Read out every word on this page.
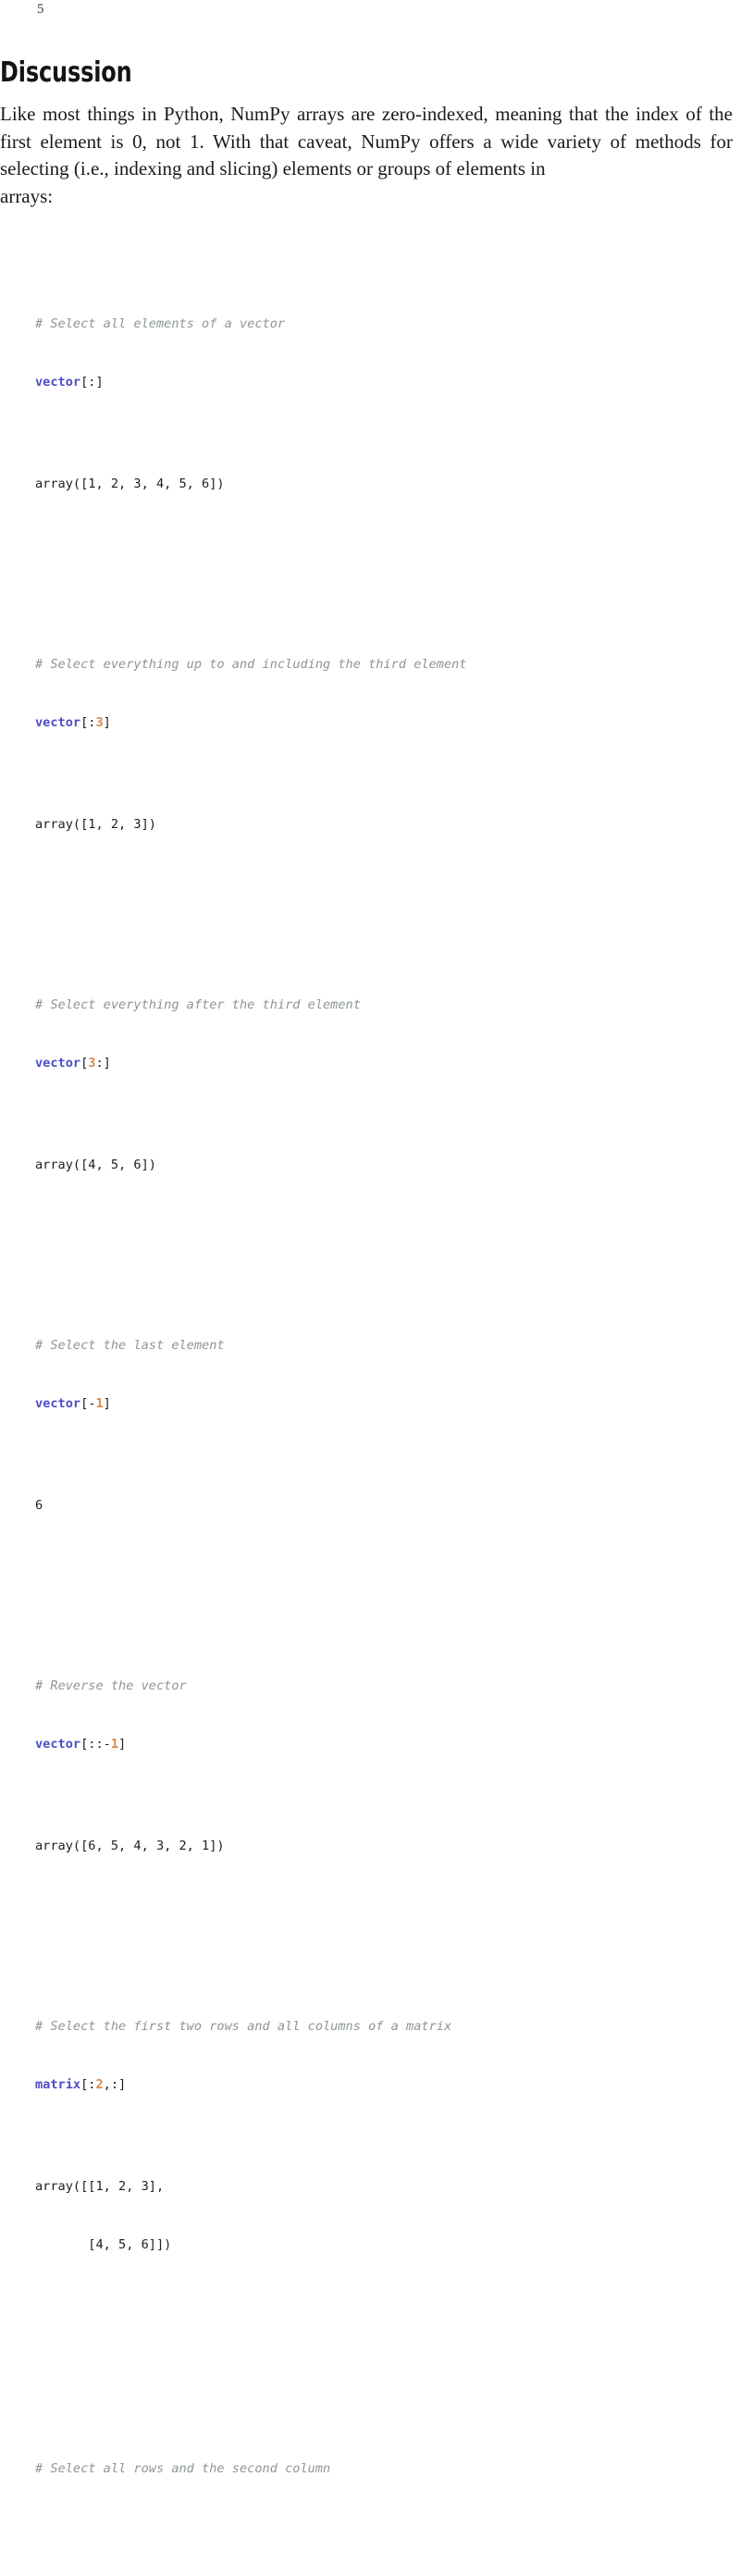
5
Discussion

Like most things in Python, NumPy arrays are zero-indexed, meaning that the index of the first element is 0, not 1. With that caveat, NumPy offers a wide variety of methods for selecting (i.e., indexing and slicing) elements or groups of elements in
arrays:

# Select all elements of a vector

vector[:]

array([1, 2, 3, 4, 5, 6])

# Select everything up to and including the third element

vector[:3]

array([1, 2, 3])

# Select everything after the third element

vector[3:]

array([4, 5, 6])

# Select the last element

vector[-1]

6

# Reverse the vector

vector[::-1]

array([6, 5, 4, 3, 2, 1])

# Select the first two rows and all columns of a matrix

matrix[:2,:]

array([[1, 2, 3],

[4, 5, 6]])

# Select all rows and the second column
